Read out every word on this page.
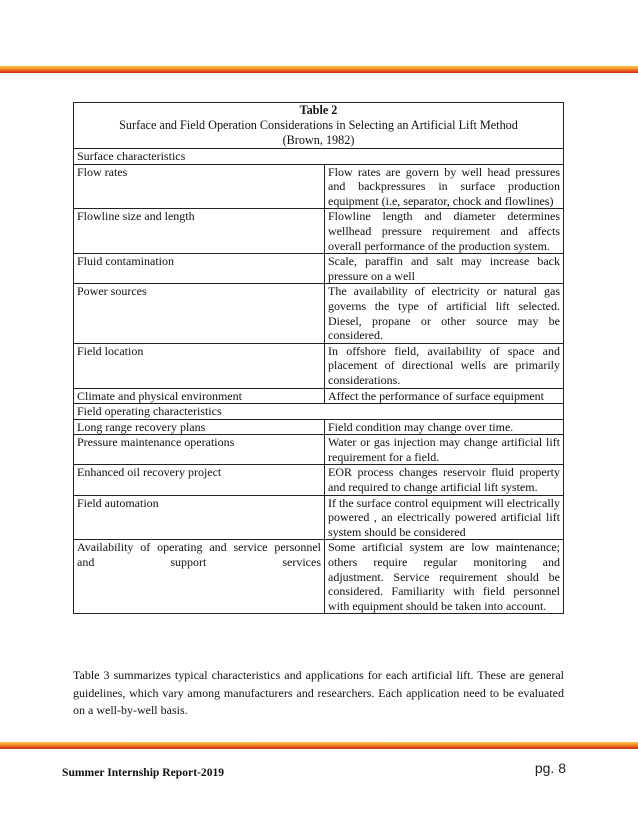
Table 2
Surface and Field Operation Considerations in Selecting an Artificial Lift Method
(Brown, 1982)	
Surface characteristics	
Flow rates	Flow rates are govern by well head pressures and backpressures in surface production equipment (i.e, separator, chock and flowlines)
Flowline size and length	Flowline length and diameter determines wellhead pressure requirement and affects overall performance of the production system.
Fluid contamination	Scale, paraffin and salt may increase back pressure on a well
Power sources	The availability of electricity or natural gas governs the type of artificial lift selected. Diesel, propane or other source may be considered.
Field location	In offshore field, availability of space and placement of directional wells are primarily considerations.
Climate and physical environment	Affect the performance of surface equipment
Field operating characteristics	
Long range recovery plans	Field condition may change over time.
Pressure maintenance operations	Water or gas injection may change artificial lift requirement for a field.
Enhanced oil recovery project	EOR process changes reservoir fluid property and required to change artificial lift system.
Field automation	If the surface control equipment will electrically powered , an electrically powered artificial lift system should be considered
Availability of operating and service personnel and support services	Some artificial system are low maintenance; others require regular monitoring and adjustment. Service requirement should be considered. Familiarity with field personnel with equipment should be taken into account.

Table 3 summarizes typical characteristics and applications for each artificial lift. These are general guidelines, which vary among manufacturers and researchers. Each application need to be evaluated on a well-by-well basis.

Summer Internship Report-2019	pg. 8
